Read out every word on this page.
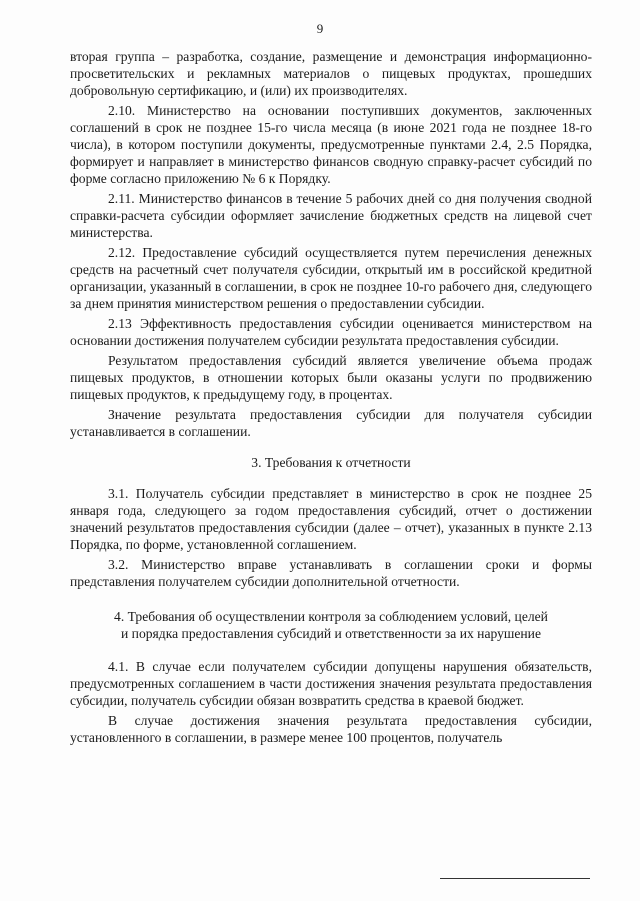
9

вторая группа – разработка, создание, размещение и демонстрация информационно-просветительских и рекламных материалов о пищевых продуктах, прошедших добровольную сертификацию, и (или) их производителях.

2.10. Министерство на основании поступивших документов, заключенных соглашений в срок не позднее 15-го числа месяца (в июне 2021 года не позднее 18-го числа), в котором поступили документы, предусмотренные пунктами 2.4, 2.5 Порядка, формирует и направляет в министерство финансов сводную справку-расчет субсидий по форме согласно приложению № 6 к Порядку.

2.11. Министерство финансов в течение 5 рабочих дней со дня получения сводной справки-расчета субсидии оформляет зачисление бюджетных средств на лицевой счет министерства.

2.12. Предоставление субсидий осуществляется путем перечисления денежных средств на расчетный счет получателя субсидии, открытый им в российской кредитной организации, указанный в соглашении, в срок не позднее 10-го рабочего дня, следующего за днем принятия министерством решения о предоставлении субсидии.

2.13 Эффективность предоставления субсидии оценивается министерством на основании достижения получателем субсидии результата предоставления субсидии.

Результатом предоставления субсидий является увеличение объема продаж пищевых продуктов, в отношении которых были оказаны услуги по продвижению пищевых продуктов, к предыдущему году, в процентах.

Значение результата предоставления субсидии для получателя субсидии устанавливается в соглашении.

3. Требования к отчетности

3.1. Получатель субсидии представляет в министерство в срок не позднее 25 января года, следующего за годом предоставления субсидий, отчет о достижении значений результатов предоставления субсидии (далее – отчет), указанных в пункте 2.13 Порядка, по форме, установленной соглашением.

3.2. Министерство вправе устанавливать в соглашении сроки и формы представления получателем субсидии дополнительной отчетности.

4. Требования об осуществлении контроля за соблюдением условий, целей
и порядка предоставления субсидий и ответственности за их нарушение

4.1. В случае если получателем субсидии допущены нарушения обязательств, предусмотренных соглашением в части достижения значения результата предоставления субсидии, получатель субсидии обязан возвратить средства в краевой бюджет.

В случае достижения значения результата предоставления субсидии, установленного в соглашении, в размере менее 100 процентов, получатель
